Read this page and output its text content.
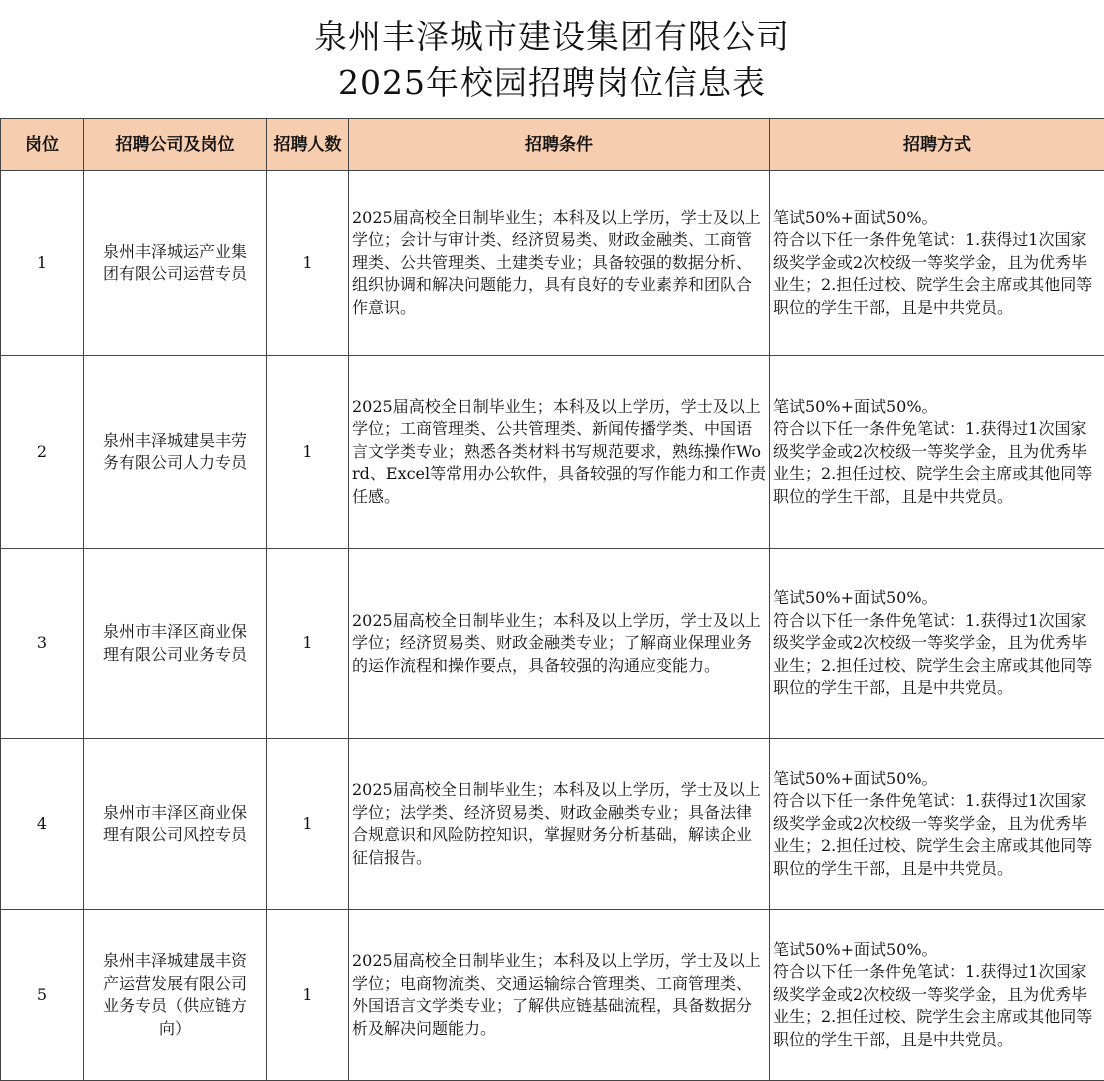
泉州丰泽城市建设集团有限公司
2025年校园招聘岗位信息表
岗位	招聘公司及岗位	招聘人数	招聘条件	招聘方式
1	泉州丰泽城运产业集团有限公司运营专员	1	2025届高校全日制毕业生；本科及以上学历，学士及以上学位；会计与审计类、经济贸易类、财政金融类、工商管理类、公共管理类、土建类专业；具备较强的数据分析、组织协调和解决问题能力，具有良好的专业素养和团队合作意识。	笔试50%+面试50%。
符合以下任一条件免笔试：1.获得过1次国家级奖学金或2次校级一等奖学金，且为优秀毕业生；2.担任过校、院学生会主席或其他同等职位的学生干部，且是中共党员。

2	泉州丰泽城建昊丰劳务有限公司人力专员	1	2025届高校全日制毕业生；本科及以上学历，学士及以上学位；工商管理类、公共管理类、新闻传播学类、中国语言文学类专业；熟悉各类材料书写规范要求，熟练操作Word、Excel等常用办公软件，具备较强的写作能力和工作责任感。	笔试50%+面试50%。
符合以下任一条件免笔试：1.获得过1次国家级奖学金或2次校级一等奖学金，且为优秀毕业生；2.担任过校、院学生会主席或其他同等职位的学生干部，且是中共党员。

3	泉州市丰泽区商业保理有限公司业务专员	1	2025届高校全日制毕业生；本科及以上学历，学士及以上学位；经济贸易类、财政金融类专业；了解商业保理业务的运作流程和操作要点，具备较强的沟通应变能力。	笔试50%+面试50%。
符合以下任一条件免笔试：1.获得过1次国家级奖学金或2次校级一等奖学金，且为优秀毕业生；2.担任过校、院学生会主席或其他同等职位的学生干部，且是中共党员。

4	泉州市丰泽区商业保理有限公司风控专员	1	2025届高校全日制毕业生；本科及以上学历，学士及以上学位；法学类、经济贸易类、财政金融类专业；具备法律合规意识和风险防控知识，掌握财务分析基础，解读企业征信报告。	笔试50%+面试50%。
符合以下任一条件免笔试：1.获得过1次国家级奖学金或2次校级一等奖学金，且为优秀毕业生；2.担任过校、院学生会主席或其他同等职位的学生干部，且是中共党员。

5	泉州丰泽城建晟丰资产运营发展有限公司业务专员（供应链方向）	1	2025届高校全日制毕业生；本科及以上学历，学士及以上学位；电商物流类、交通运输综合管理类、工商管理类、外国语言文学类专业；了解供应链基础流程，具备数据分析及解决问题能力。	笔试50%+面试50%。
符合以下任一条件免笔试：1.获得过1次国家级奖学金或2次校级一等奖学金，且为优秀毕业生；2.担任过校、院学生会主席或其他同等职位的学生干部，且是中共党员。
